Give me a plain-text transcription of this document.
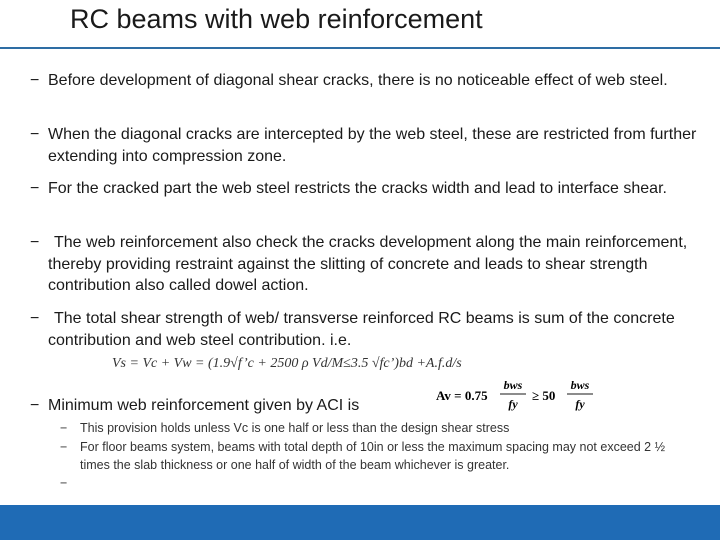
RC beams with web reinforcement
− Before development of diagonal shear cracks, there is no noticeable effect of web steel.
− When the diagonal cracks are intercepted by the web steel, these are restricted from further extending into compression zone.
− For the cracked part the web steel restricts the cracks width and lead to interface shear.
− The web reinforcement also check the cracks development along the main reinforcement, thereby providing restraint against the slitting of concrete and leads to shear strength contribution also called dowel action.
− The total shear strength of web/ transverse reinforced RC beams is sum of the concrete contribution and web steel contribution. i.e.
Vs = Vc + Vw = (1.9√f’c + 2500 ρ Vd/M≤3.5 √fc’)bd +A.f.d/s
− Minimum web reinforcement given by ACI is
Av = 0.75
bws
fy
≥ 50
bws
fy
− This provision holds unless Vc is one half or less than the design shear stress
− For floor beams system, beams with total depth of 10in or less the maximum spacing may not exceed 2 ½ times the slab thickness or one half of width of the beam whichever is greater.
−
